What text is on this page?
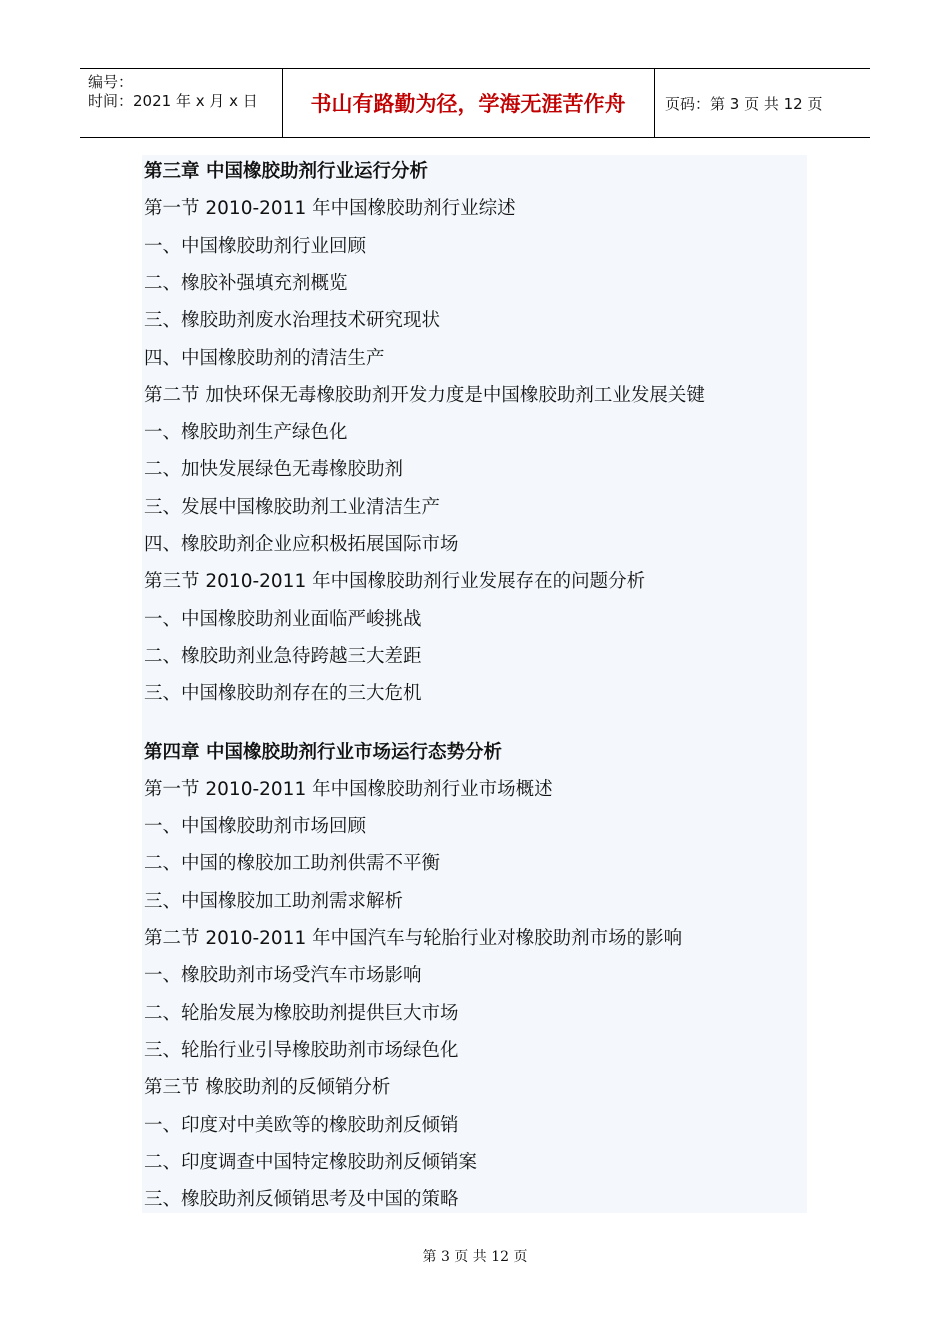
编号：
时间：2021 年 x 月 x 日	书山有路勤为径，学海无涯苦作舟	页码：第 3 页 共 12 页
第三章 中国橡胶助剂行业运行分析
第一节 2010-2011 年中国橡胶助剂行业综述
一、中国橡胶助剂行业回顾
二、橡胶补强填充剂概览
三、橡胶助剂废水治理技术研究现状
四、中国橡胶助剂的清洁生产
第二节 加快环保无毒橡胶助剂开发力度是中国橡胶助剂工业发展关键
一、橡胶助剂生产绿色化
二、加快发展绿色无毒橡胶助剂
三、发展中国橡胶助剂工业清洁生产
四、橡胶助剂企业应积极拓展国际市场
第三节 2010-2011 年中国橡胶助剂行业发展存在的问题分析
一、中国橡胶助剂业面临严峻挑战
二、橡胶助剂业急待跨越三大差距
三、中国橡胶助剂存在的三大危机
第四章 中国橡胶助剂行业市场运行态势分析
第一节 2010-2011 年中国橡胶助剂行业市场概述
一、中国橡胶助剂市场回顾
二、中国的橡胶加工助剂供需不平衡
三、中国橡胶加工助剂需求解析
第二节 2010-2011 年中国汽车与轮胎行业对橡胶助剂市场的影响
一、橡胶助剂市场受汽车市场影响
二、轮胎发展为橡胶助剂提供巨大市场
三、轮胎行业引导橡胶助剂市场绿色化
第三节 橡胶助剂的反倾销分析
一、印度对中美欧等的橡胶助剂反倾销
二、印度调查中国特定橡胶助剂反倾销案
三、橡胶助剂反倾销思考及中国的策略
第 3 页 共 12 页
